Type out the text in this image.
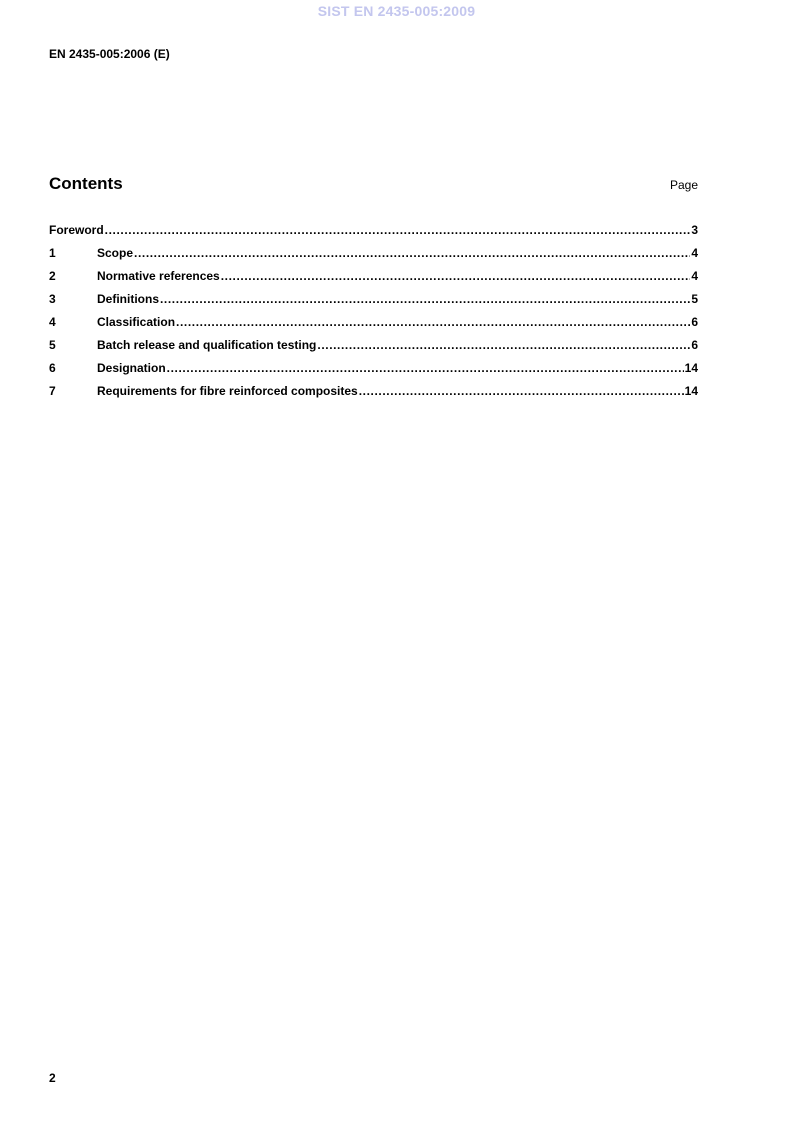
SIST EN 2435-005:2009
EN 2435-005:2006 (E)
Contents	Page
Foreword .....	3
1	Scope .....	4
2	Normative references .....	4
3	Definitions .....	5
4	Classification .....	6
5	Batch release and qualification testing .....	6
6	Designation .....	14
7	Requirements for fibre reinforced composites .....	14
2
